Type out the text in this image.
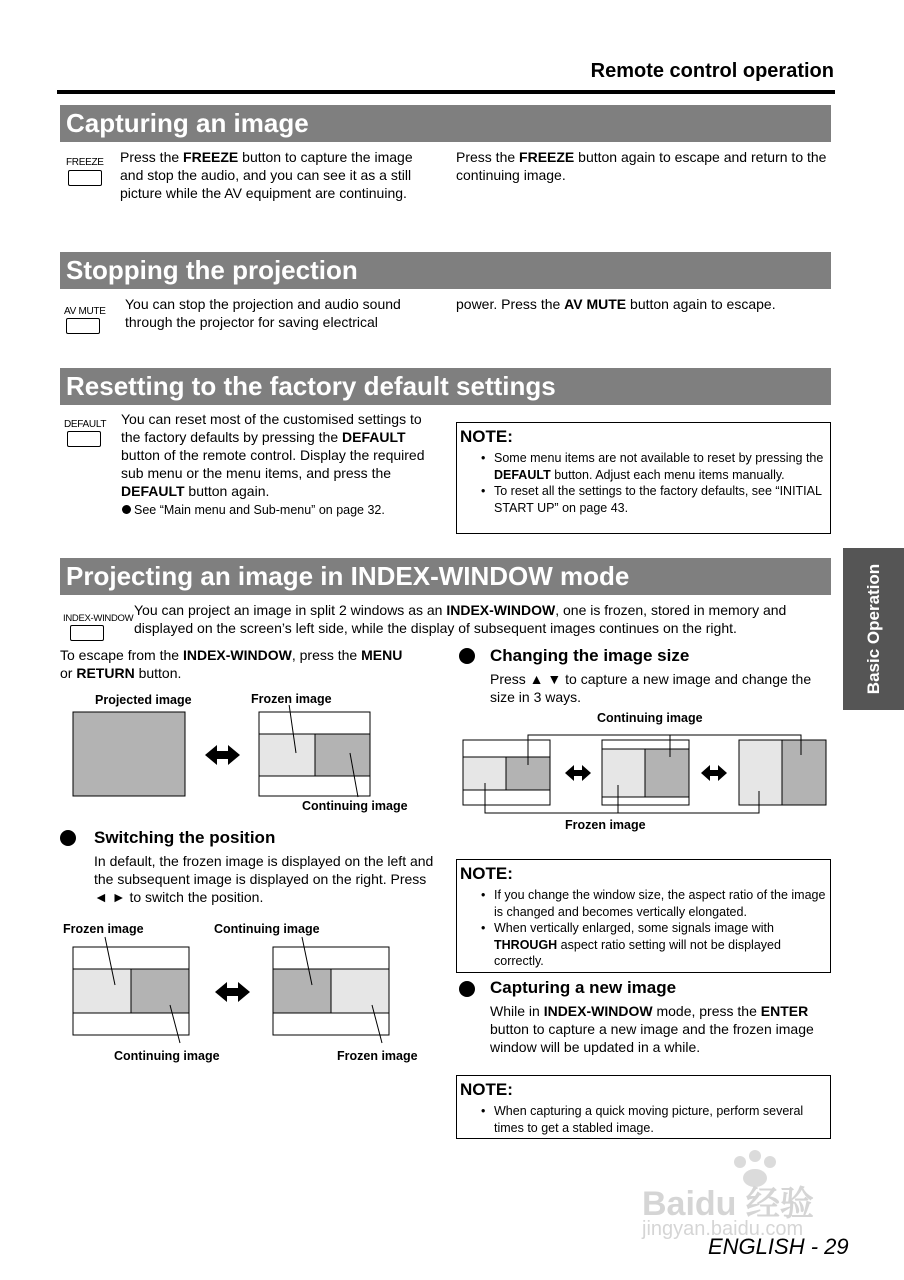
Remote control operation
Capturing an image
FREEZE Press the FREEZE button to capture the image and stop the audio, and you can see it as a still picture while the AV equipment are continuing.
Press the FREEZE button again to escape and return to the continuing image.
Stopping the projection
AV MUTE You can stop the projection and audio sound through the projector for saving electrical
power. Press the AV MUTE button again to escape.
Resetting to the factory default settings
DEFAULT You can reset most of the customised settings to the factory defaults by pressing the DEFAULT button of the remote control. Display the required sub menu or the menu items, and press the DEFAULT button again.
See “Main menu and Sub-menu” on page 32.
NOTE:
• Some menu items are not available to reset by pressing the DEFAULT button. Adjust each menu items manually.
• To reset all the settings to the factory defaults, see “INITIAL START UP” on page 43.
Projecting an image in INDEX-WINDOW mode
INDEX-WINDOW
You can project an image in split 2 windows as an INDEX-WINDOW, one is frozen, stored in memory and displayed on the screen’s left side, while the display of subsequent images continues on the right.
To escape from the INDEX-WINDOW, press the MENU
or RETURN button.
Projected image	Frozen image
Continuing image
Switching the position
In default, the frozen image is displayed on the left and the subsequent image is displayed on the right. Press ◄ ► to switch the position.
Frozen image	Continuing image
Continuing image	Frozen image
Changing the image size
Press ▲ ▼ to capture a new image and change the size in 3 ways.
Continuing image
Frozen image
NOTE:
• If you change the window size, the aspect ratio of the image is changed and becomes vertically elongated.
• When vertically enlarged, some signals image with THROUGH aspect ratio setting will not be displayed correctly.
Capturing a new image
While in INDEX-WINDOW mode, press the ENTER button to capture a new image and the frozen image window will be updated in a while.
NOTE:
• When capturing a quick moving picture, perform several times to get a stabled image.
Basic Operation
Baidu 经验
jingyan.baidu.com
ENGLISH - 29
